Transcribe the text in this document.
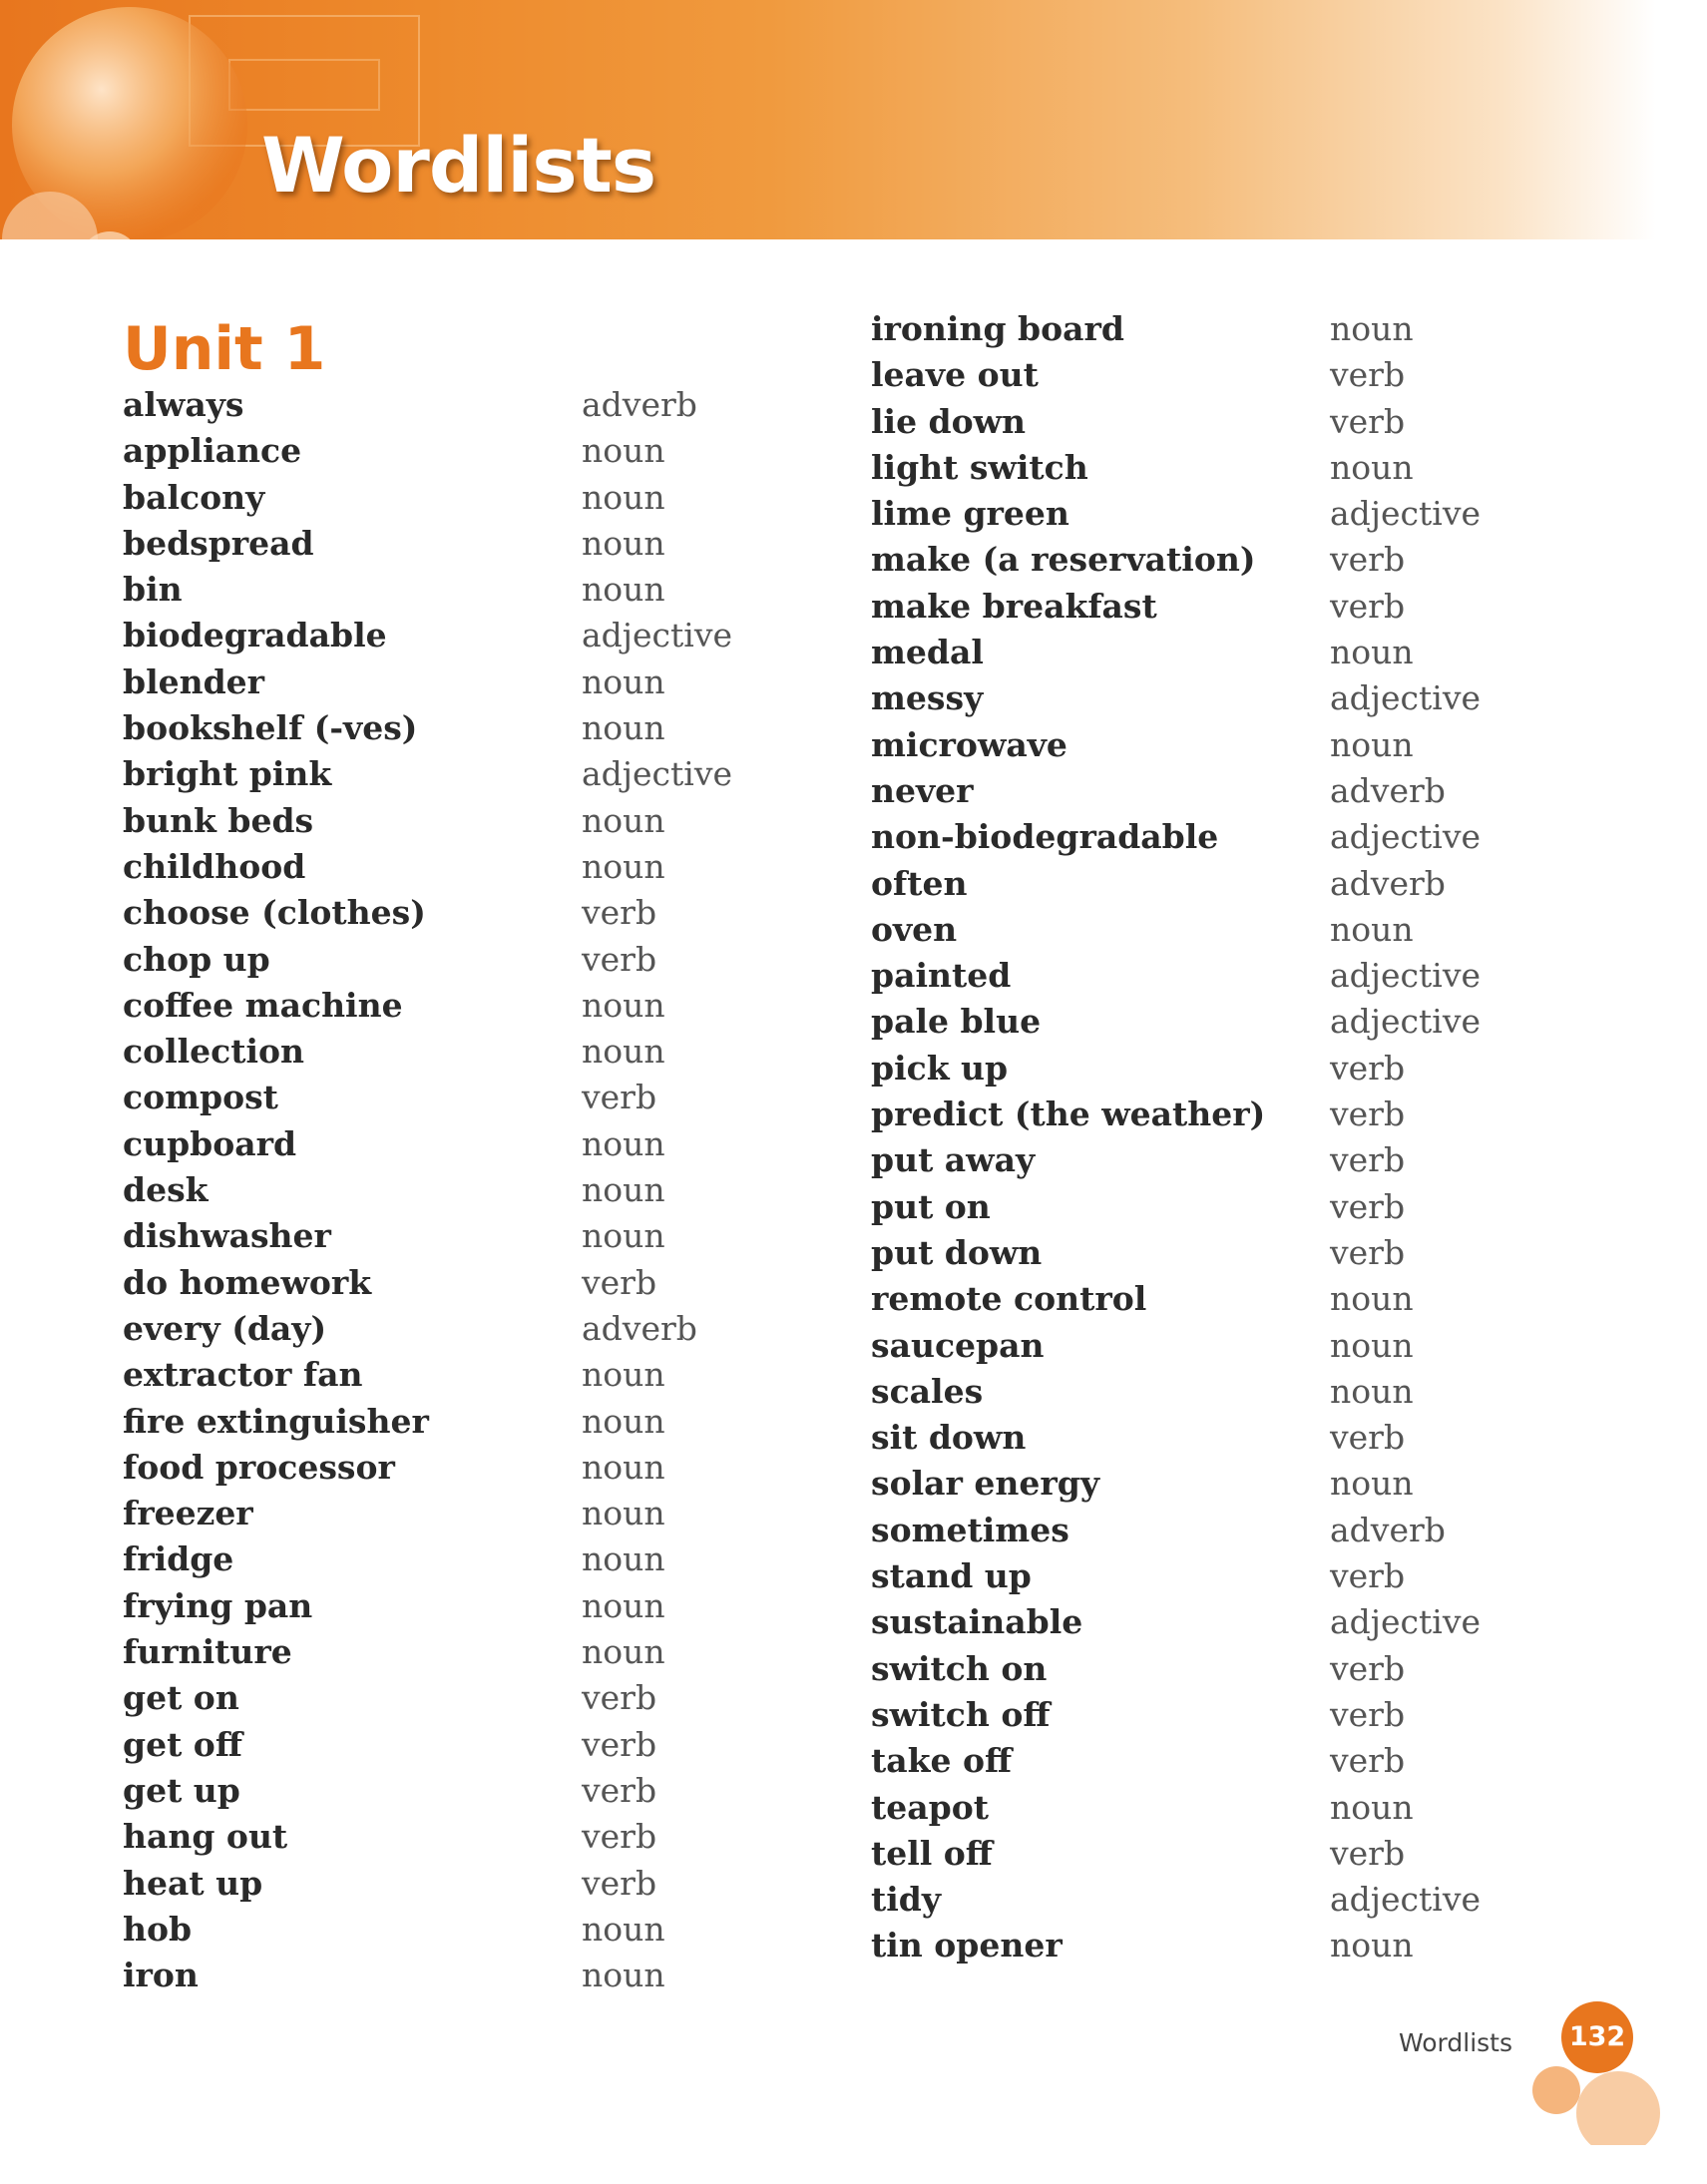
Wordlists
Unit 1
always	adverb
appliance	noun
balcony	noun
bedspread	noun
bin	noun
biodegradable	adjective
blender	noun
bookshelf (-ves)	noun
bright pink	adjective
bunk beds	noun
childhood	noun
choose (clothes)	verb
chop up	verb
coffee machine	noun
collection	noun
compost	verb
cupboard	noun
desk	noun
dishwasher	noun
do homework	verb
every (day)	adverb
extractor fan	noun
fire extinguisher	noun
food processor	noun
freezer	noun
fridge	noun
frying pan	noun
furniture	noun
get on	verb
get off	verb
get up	verb
hang out	verb
heat up	verb
hob	noun
iron	noun
ironing board	noun
leave out	verb
lie down	verb
light switch	noun
lime green	adjective
make (a reservation) verb
make breakfast	verb
medal	noun
messy	adjective
microwave	noun
never	adverb
non-biodegradable	adjective
often	adverb
oven	noun
painted	adjective
pale blue	adjective
pick up	verb
predict (the weather) verb
put away	verb
put on	verb
put down	verb
remote control	noun
saucepan	noun
scales	noun
sit down	verb
solar energy	noun
sometimes	adverb
stand up	verb
sustainable	adjective
switch on	verb
switch off	verb
take off	verb
teapot	noun
tell off	verb
tidy	adjective
tin opener	noun
Wordlists 132
